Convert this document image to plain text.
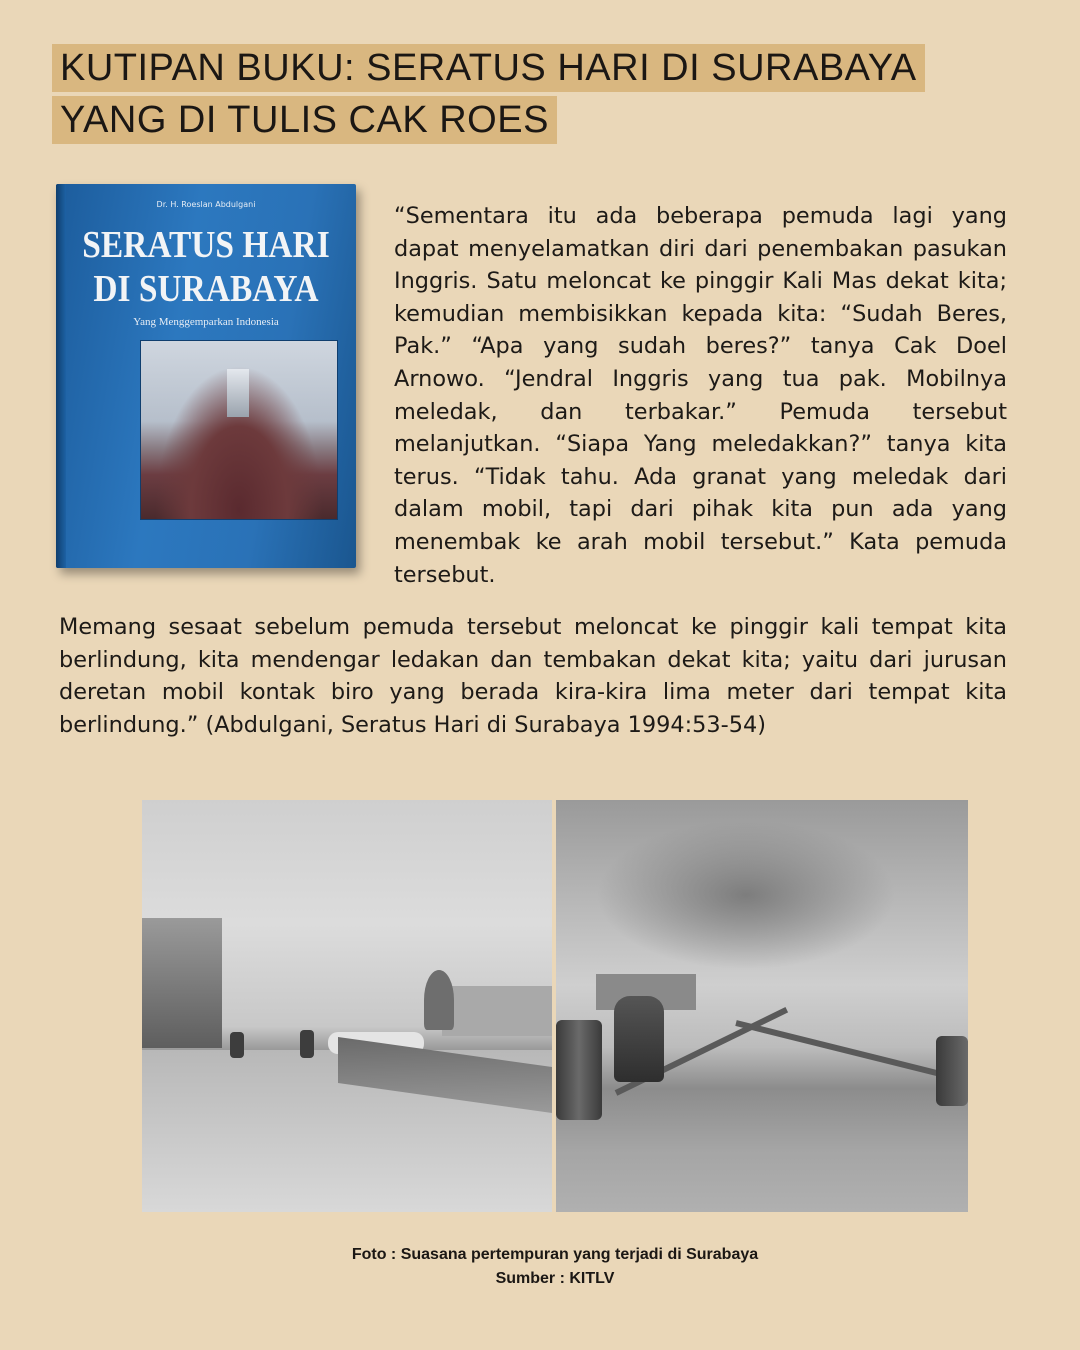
KUTIPAN BUKU: SERATUS HARI DI SURABAYA
YANG DI TULIS CAK ROES
Dr. H. Roeslan Abdulgani
SERATUS HARI
DI SURABAYA
Yang Menggemparkan Indonesia
“Sementara itu ada beberapa pemuda lagi yang dapat menyelamatkan diri dari penembakan pasukan Inggris. Satu meloncat ke pinggir Kali Mas dekat kita; kemudian membisikkan kepada kita: “Sudah Beres, Pak.” “Apa yang sudah beres?” tanya Cak Doel Arnowo. “Jendral Inggris yang tua pak. Mobilnya meledak, dan terbakar.” Pemuda tersebut melanjutkan. “Siapa Yang meledakkan?” tanya kita terus. “Tidak tahu. Ada granat yang meledak dari dalam mobil, tapi dari pihak kita pun ada yang menembak ke arah mobil tersebut.” Kata pemuda tersebut.
Memang sesaat sebelum pemuda tersebut meloncat ke pinggir kali tempat kita berlindung, kita mendengar ledakan dan tembakan dekat kita; yaitu dari jurusan deretan mobil kontak biro yang berada kira-kira lima meter dari tempat kita berlindung.” (Abdulgani, Seratus Hari di Surabaya 1994:53-54)
Foto : Suasana pertempuran yang terjadi di Surabaya
Sumber : KITLV
